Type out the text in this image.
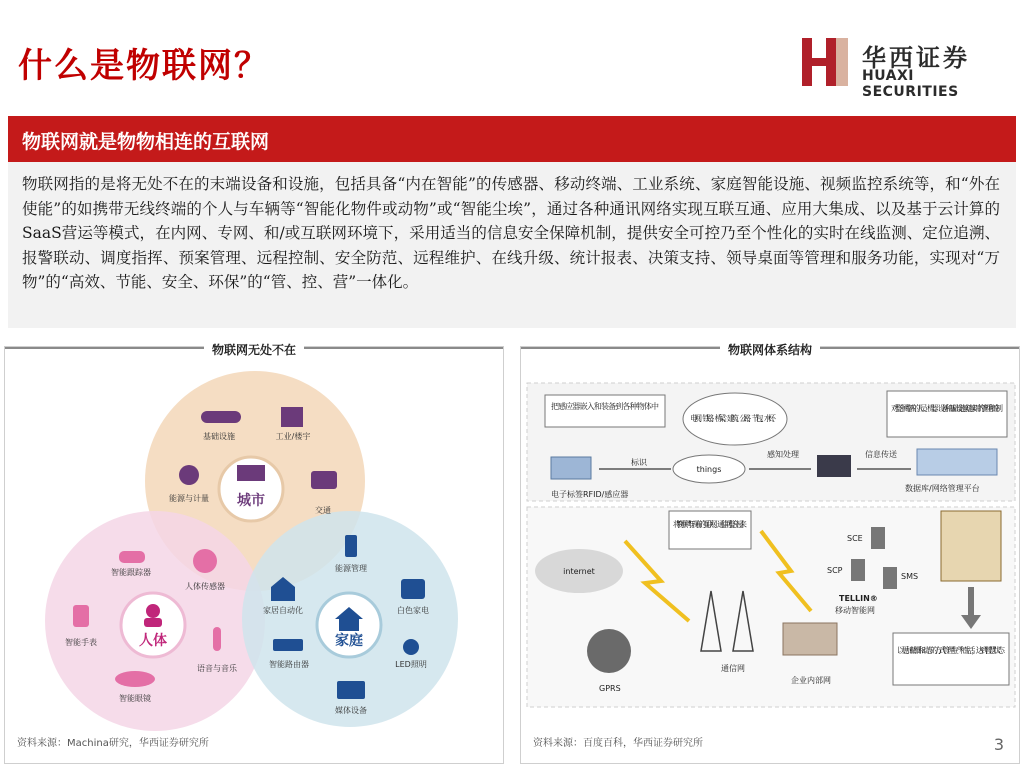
什么是物联网？	华西证券
HUAXI SECURITIES
物联网就是物物相连的互联网

物联网指的是将无处不在的末端设备和设施，包括具备“内在智能”的传感器、移动终端、工业系统、家庭智能设施、视频监控系统等，和“外在使能”的如携带无线终端的个人与车辆等“智能化物件或动物”或“智能尘埃”，通过各种通讯网络实现互联互通、应用大集成、以及基于云计算的SaaS营运等模式，在内网、专网、和/或互联网环境下，采用适当的信息安全保障机制，提供安全可控乃至个性化的实时在线监测、定位追溯、报警联动、调度指挥、预案管理、远程控制、安全防范、远程维护、在线升级、统计报表、决策支持、领导桌面等管理和服务功能，实现对“万物”的“高效、节能、安全、环保”的“管、控、营”一体化。

物联网无处不在
城市
人体	家庭
基础设施	工业/楼宇
能源与计量
交通
智能跟踪器
人体传感器
智能手表
语音与音乐
智能眼镜
能源管理
家居自动化	白色家电
智能路由器	LED照明
媒体设备
资料来源：Machina研究，华西证券研究所
物联网体系结构
把感应器嵌入和装备到各种物体中
电网、铁路、桥梁、建筑、公路、节包、水杯、
对整合网络内的人员、机器、设备和基础设施实施实时的管理和控制
电子标签RFID/感应器
标识
things
感知处理	信息传送
数据库/网络管理平台
将“物联网”与现有的互联网、通信网整合起来
internet
通信网
GPRS
企业内部网
SCE
SCP
SMS
TELLIN®
移动智能网
以更加精细和动态的方式管理生产和生活，达到“智慧”状态
资料来源：百度百科，华西证券研究所	3
